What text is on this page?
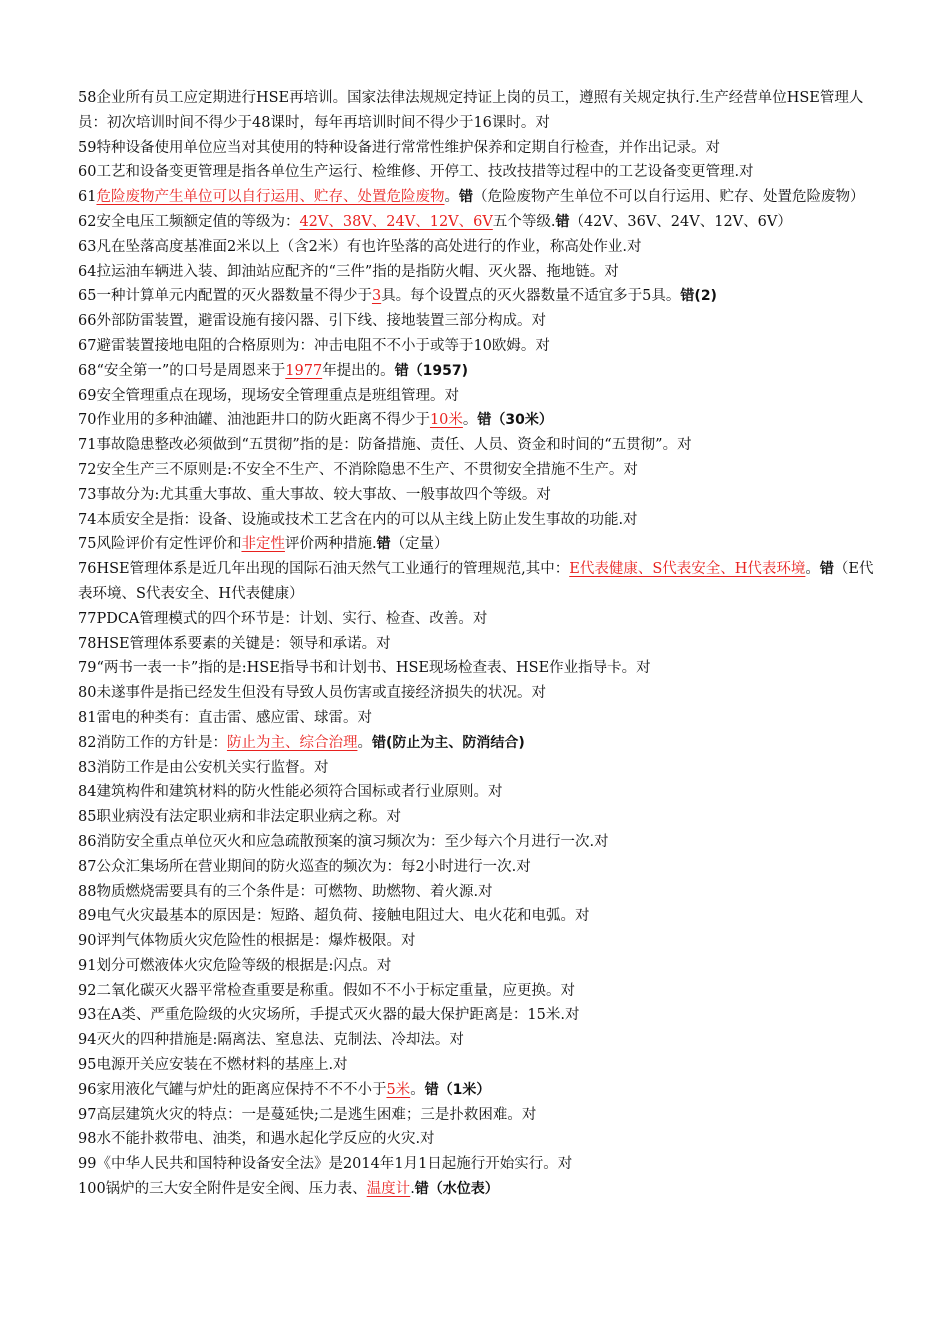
58企业所有员工应定期进行HSE再培训。国家法律法规规定持证上岗的员工，遵照有关规定执行.生产经营单位HSE管理人员：初次培训时间不得少于48课时，每年再培训时间不得少于16课时。对

59特种设备使用单位应当对其使用的特种设备进行常常性维护保养和定期自行检查，并作出记录。对

60工艺和设备变更管理是指各单位生产运行、检维修、开停工、技改技措等过程中的工艺设备变更管理.对

61危险废物产生单位可以自行运用、贮存、处置危险废物。错（危险废物产生单位不可以自行运用、贮存、处置危险废物）

62安全电压工频额定值的等级为：42V、38V、24V、12V、6V五个等级.错（42V、36V、24V、12V、6V）

63凡在坠落高度基准面2米以上（含2米）有也许坠落的高处进行的作业，称高处作业.对

64拉运油车辆进入装、卸油站应配齐的“三件”指的是指防火帽、灭火器、拖地链。对

65一种计算单元内配置的灭火器数量不得少于3具。每个设置点的灭火器数量不适宜多于5具。错(2)

66外部防雷装置，避雷设施有接闪器、引下线、接地装置三部分构成。对

67避雷装置接地电阻的合格原则为：冲击电阻不不小于或等于10欧姆。对

68“安全第一”的口号是周恩来于1977年提出的。错（1957)

69安全管理重点在现场，现场安全管理重点是班组管理。对

70作业用的多种油罐、油池距井口的防火距离不得少于10米。错（30米）

71事故隐患整改必须做到“五贯彻”指的是：防备措施、责任、人员、资金和时间的“五贯彻”。对

72安全生产三不原则是:不安全不生产、不消除隐患不生产、不贯彻安全措施不生产。对

73事故分为:尤其重大事故、重大事故、较大事故、一般事故四个等级。对

74本质安全是指：设备、设施或技术工艺含在内的可以从主线上防止发生事故的功能.对

75风险评价有定性评价和非定性评价两种措施.错（定量）

76HSE管理体系是近几年出现的国际石油天然气工业通行的管理规范,其中：E代表健康、S代表安全、H代表环境。错（E代表环境、S代表安全、H代表健康）

77PDCA管理模式的四个环节是：计划、实行、检查、改善。对

78HSE管理体系要素的关键是：领导和承诺。对

79“两书一表一卡”指的是:HSE指导书和计划书、HSE现场检查表、HSE作业指导卡。对

80未遂事件是指已经发生但没有导致人员伤害或直接经济损失的状况。对

81雷电的种类有：直击雷、感应雷、球雷。对

82消防工作的方针是：防止为主、综合治理。错(防止为主、防消结合)

83消防工作是由公安机关实行监督。对

84建筑构件和建筑材料的防火性能必须符合国标或者行业原则。对

85职业病没有法定职业病和非法定职业病之称。对

86消防安全重点单位灭火和应急疏散预案的演习频次为：至少每六个月进行一次.对

87公众汇集场所在营业期间的防火巡查的频次为：每2小时进行一次.对

88物质燃烧需要具有的三个条件是：可燃物、助燃物、着火源.对

89电气火灾最基本的原因是：短路、超负荷、接触电阻过大、电火花和电弧。对

90评判气体物质火灾危险性的根据是：爆炸极限。对

91划分可燃液体火灾危险等级的根据是:闪点。对

92二氧化碳灭火器平常检查重要是称重。假如不不小于标定重量，应更换。对

93在A类、严重危险级的火灾场所，手提式灭火器的最大保护距离是：15米.对

94灭火的四种措施是:隔离法、窒息法、克制法、冷却法。对

95电源开关应安装在不燃材料的基座上.对

96家用液化气罐与炉灶的距离应保持不不不小于5米。错（1米）

97高层建筑火灾的特点：一是蔓延快;二是逃生困难；三是扑救困难。对

98水不能扑救带电、油类，和遇水起化学反应的火灾.对

99《中华人民共和国特种设备安全法》是2014年1月1日起施行开始实行。对

100锅炉的三大安全附件是安全阀、压力表、温度计.错（水位表）
